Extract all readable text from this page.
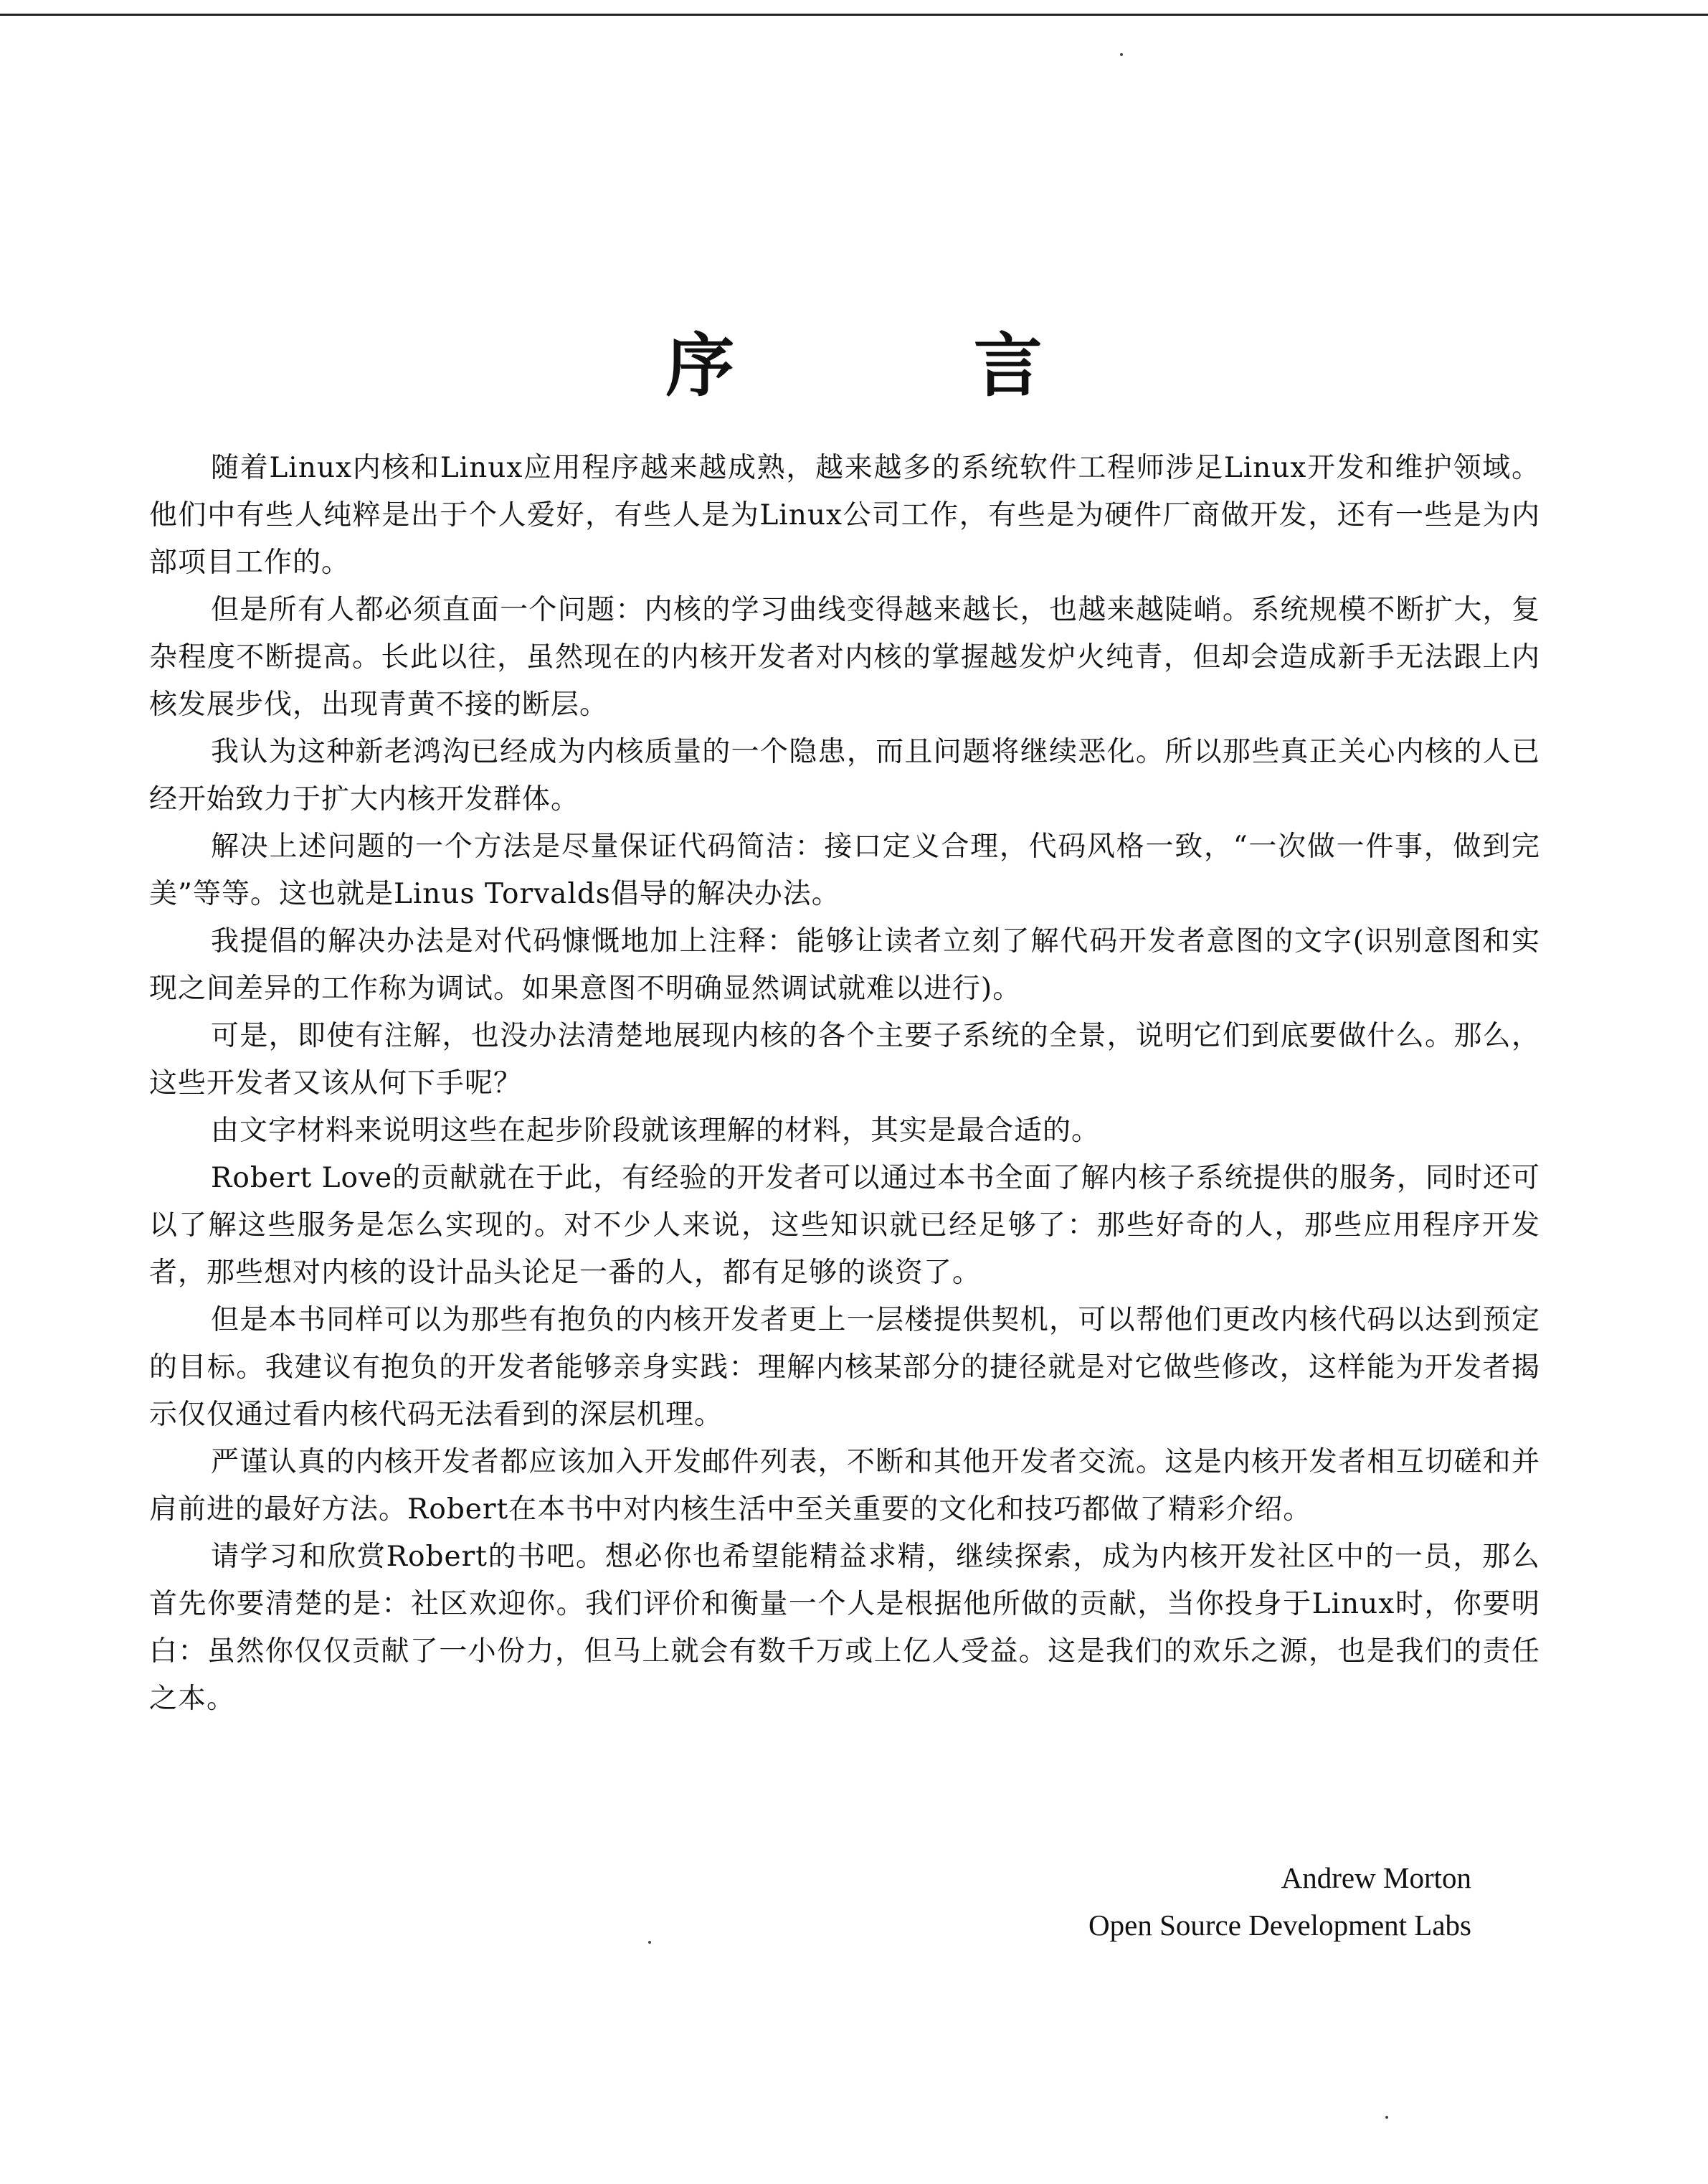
序 言

随着Linux内核和Linux应用程序越来越成熟，越来越多的系统软件工程师涉足Linux开发和维护领域。他们中有些人纯粹是出于个人爱好，有些人是为Linux公司工作，有些是为硬件厂商做开发，还有一些是为内部项目工作的。

但是所有人都必须直面一个问题：内核的学习曲线变得越来越长，也越来越陡峭。系统规模不断扩大，复杂程度不断提高。长此以往，虽然现在的内核开发者对内核的掌握越发炉火纯青，但却会造成新手无法跟上内核发展步伐，出现青黄不接的断层。

我认为这种新老鸿沟已经成为内核质量的一个隐患，而且问题将继续恶化。所以那些真正关心内核的人已经开始致力于扩大内核开发群体。

解决上述问题的一个方法是尽量保证代码简洁：接口定义合理，代码风格一致，“一次做一件事，做到完美”等等。这也就是Linus Torvalds倡导的解决办法。

我提倡的解决办法是对代码慷慨地加上注释：能够让读者立刻了解代码开发者意图的文字(识别意图和实现之间差异的工作称为调试。如果意图不明确显然调试就难以进行)。

可是，即使有注解，也没办法清楚地展现内核的各个主要子系统的全景，说明它们到底要做什么。那么，这些开发者又该从何下手呢？

由文字材料来说明这些在起步阶段就该理解的材料，其实是最合适的。

Robert Love的贡献就在于此，有经验的开发者可以通过本书全面了解内核子系统提供的服务，同时还可以了解这些服务是怎么实现的。对不少人来说，这些知识就已经足够了：那些好奇的人，那些应用程序开发者，那些想对内核的设计品头论足一番的人，都有足够的谈资了。

但是本书同样可以为那些有抱负的内核开发者更上一层楼提供契机，可以帮他们更改内核代码以达到预定的目标。我建议有抱负的开发者能够亲身实践：理解内核某部分的捷径就是对它做些修改，这样能为开发者揭示仅仅通过看内核代码无法看到的深层机理。

严谨认真的内核开发者都应该加入开发邮件列表，不断和其他开发者交流。这是内核开发者相互切磋和并肩前进的最好方法。Robert在本书中对内核生活中至关重要的文化和技巧都做了精彩介绍。

请学习和欣赏Robert的书吧。想必你也希望能精益求精，继续探索，成为内核开发社区中的一员，那么首先你要清楚的是：社区欢迎你。我们评价和衡量一个人是根据他所做的贡献，当你投身于Linux时，你要明白：虽然你仅仅贡献了一小份力，但马上就会有数千万或上亿人受益。这是我们的欢乐之源，也是我们的责任之本。

Andrew Morton
Open Source Development Labs
